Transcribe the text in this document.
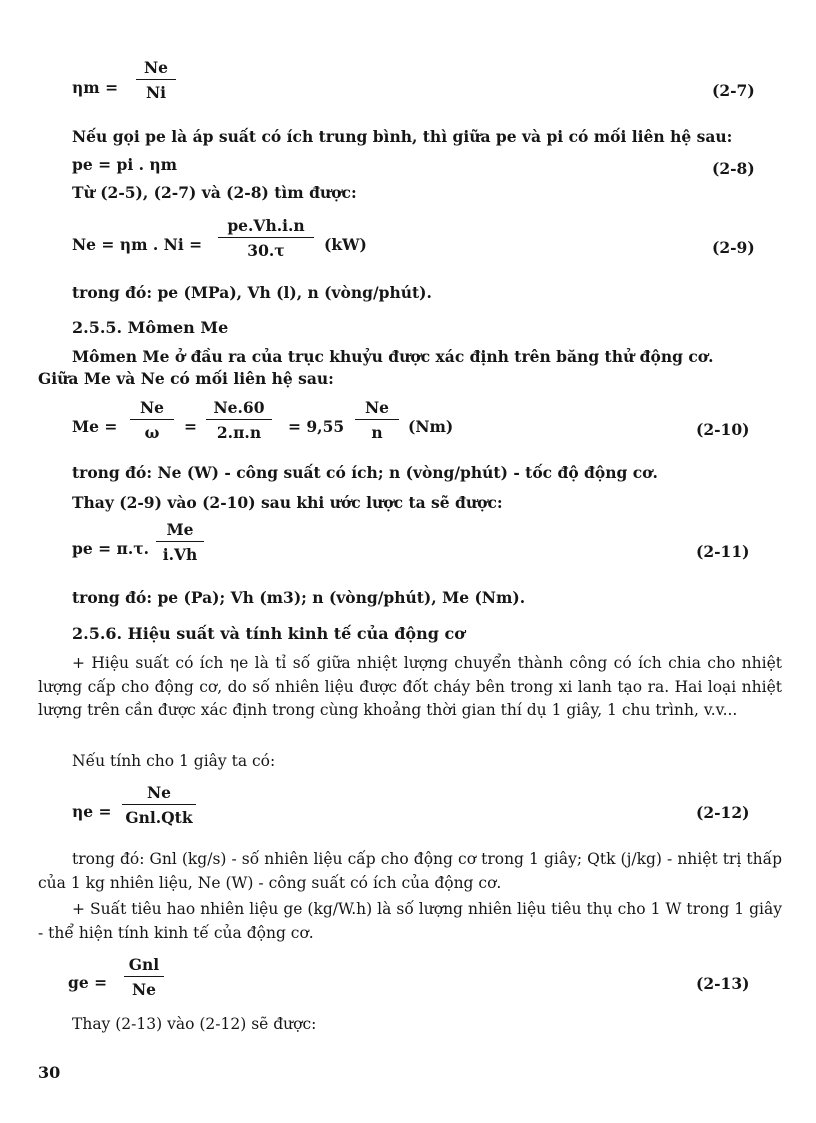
$\eta m = \frac{Ne}{Ni}$	(2-7)
Nếu gọi pe là áp suất có ích trung bình, thì giữa pe và pi có mối liên hệ sau:
pe = pi . ηm	(2-8)
Từ (2-5), (2-7) và (2-8) tìm được:
Ne = ηm . $Ni = \frac{pe.Vh.i.n}{30.\tau} (kW)$	(2-9)
trong đó: pe (MPa), Vh (l), n (vòng/phút).
2.5.5. Mômen Me
Mômen Me ở đầu ra của trục khuỷu được xác định trên băng thử động cơ.
Giữa Me và Ne có mối liên hệ sau:
$Me = \frac{Ne}{\omega} = \frac{Ne.60}{2.\pi.n} = 9,55 \frac{Ne}{n} (Nm)$	(2-10)
trong đó: Ne (W) - công suất có ích; n (vòng/phút) - tốc độ động cơ.
Thay (2-9) vào (2-10) sau khi ước lược ta sẽ được:
pe = π.τ. $\frac{Me}{i.Vh}$	(2-11)
trong đó: pe (Pa); Vh (m3); n (vòng/phút), Me (Nm).
2.5.6. Hiệu suất và tính kinh tế của động cơ
+ Hiệu suất có ích ηe là tỉ số giữa nhiệt lượng chuyển thành công có ích chia cho nhiệt lượng cấp cho động cơ, do số nhiên liệu được đốt cháy bên trong xi lanh tạo ra. Hai loại nhiệt lượng trên cần được xác định trong cùng khoảng thời gian thí dụ 1 giây, 1 chu trình, v.v...
Nếu tính cho 1 giây ta có:
ηe =
Ne
Gnl.Qtk	(2-12)
trong đó: Gnl (kg/s) - số nhiên liệu cấp cho động cơ trong 1 giây; Qtk (j/kg) - nhiệt trị thấp của 1 kg nhiên liệu, Ne (W) - công suất có ích của động cơ.
+ Suất tiêu hao nhiên liệu ge (kg/W.h) là số lượng nhiên liệu tiêu thụ cho 1 W trong 1 giây - thể hiện tính kinh tế của động cơ.
ge =
Gnl
Ne	(2-13)
Thay (2-13) vào (2-12) sẽ được:
30
